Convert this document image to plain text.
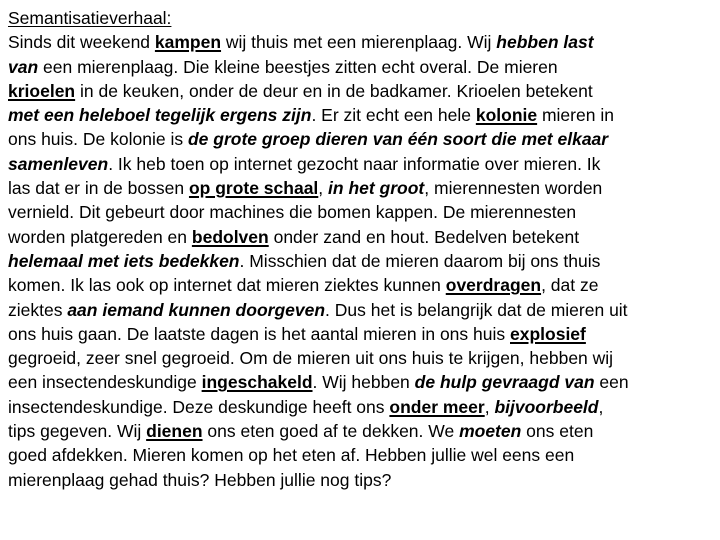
Semantisatieverhaal:
Sinds dit weekend kampen wij thuis met een mierenplaag. Wij hebben last
van een mierenplaag. Die kleine beestjes zitten echt overal. De mieren
krioelen in de keuken, onder de deur en in de badkamer. Krioelen betekent
met een heleboel tegelijk ergens zijn. Er zit echt een hele kolonie mieren in
ons huis. De kolonie is de grote groep dieren van één soort die met elkaar
samenleven. Ik heb toen op internet gezocht naar informatie over mieren. Ik
las dat er in de bossen op grote schaal, in het groot, mierennesten worden
vernield. Dit gebeurt door machines die bomen kappen. De mierennesten
worden platgereden en bedolven onder zand en hout. Bedelven betekent
helemaal met iets bedekken. Misschien dat de mieren daarom bij ons thuis
komen. Ik las ook op internet dat mieren ziektes kunnen overdragen, dat ze
ziektes aan iemand kunnen doorgeven. Dus het is belangrijk dat de mieren uit
ons huis gaan. De laatste dagen is het aantal mieren in ons huis explosief
gegroeid, zeer snel gegroeid. Om de mieren uit ons huis te krijgen, hebben wij
een insectendeskundige ingeschakeld. Wij hebben de hulp gevraagd van een
insectendeskundige. Deze deskundige heeft ons onder meer, bijvoorbeeld,
tips gegeven. Wij dienen ons eten goed af te dekken. We moeten ons eten
goed afdekken. Mieren komen op het eten af. Hebben jullie wel eens een
mierenplaag gehad thuis? Hebben jullie nog tips?
